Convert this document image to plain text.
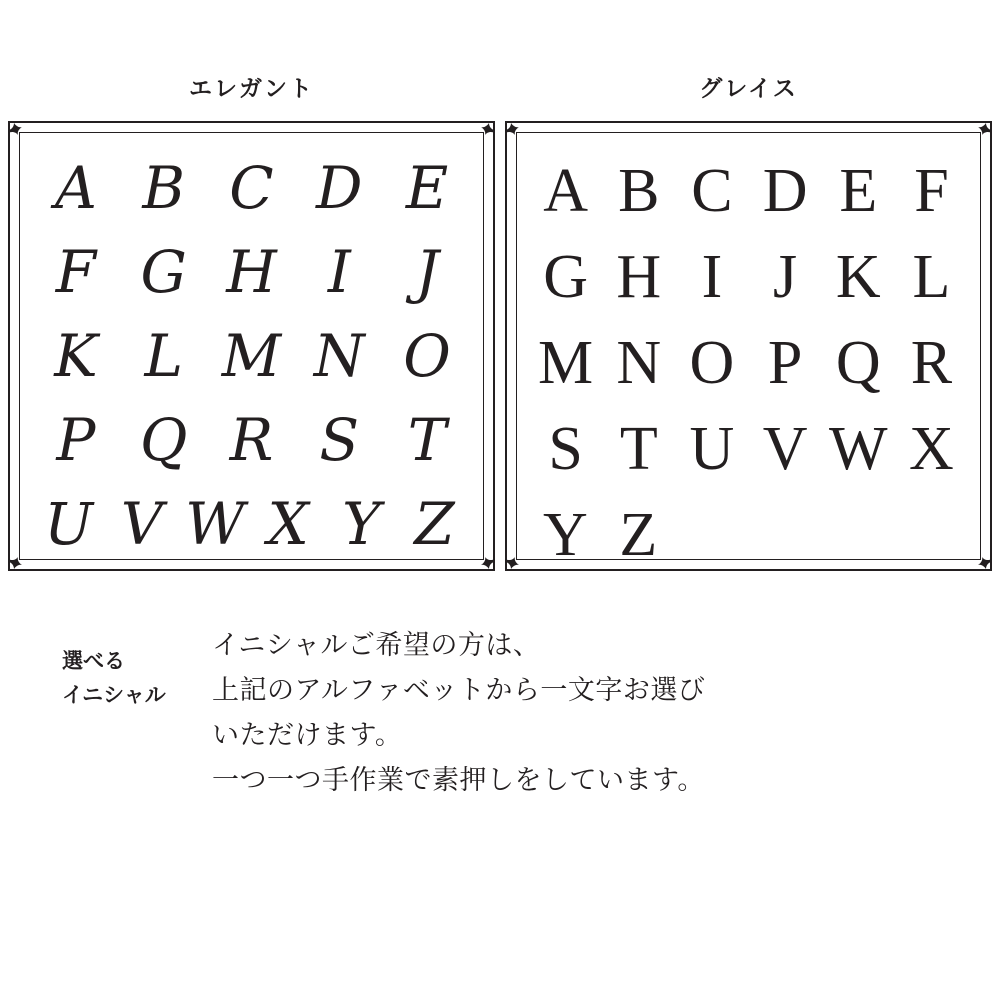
エレガント
A B C D E
F G H I	J
K L M N O
P Q R S T
U V W X Y Z
グレイス
A B C D E F
G H I J K L
M N O P Q R
S T U V W X
Y Z
選べる
イニシャル

イニシャルご希望の方は、

上記のアルファベットから一文字お選び

いただけます。

一つ一つ手作業で素押しをしています。
